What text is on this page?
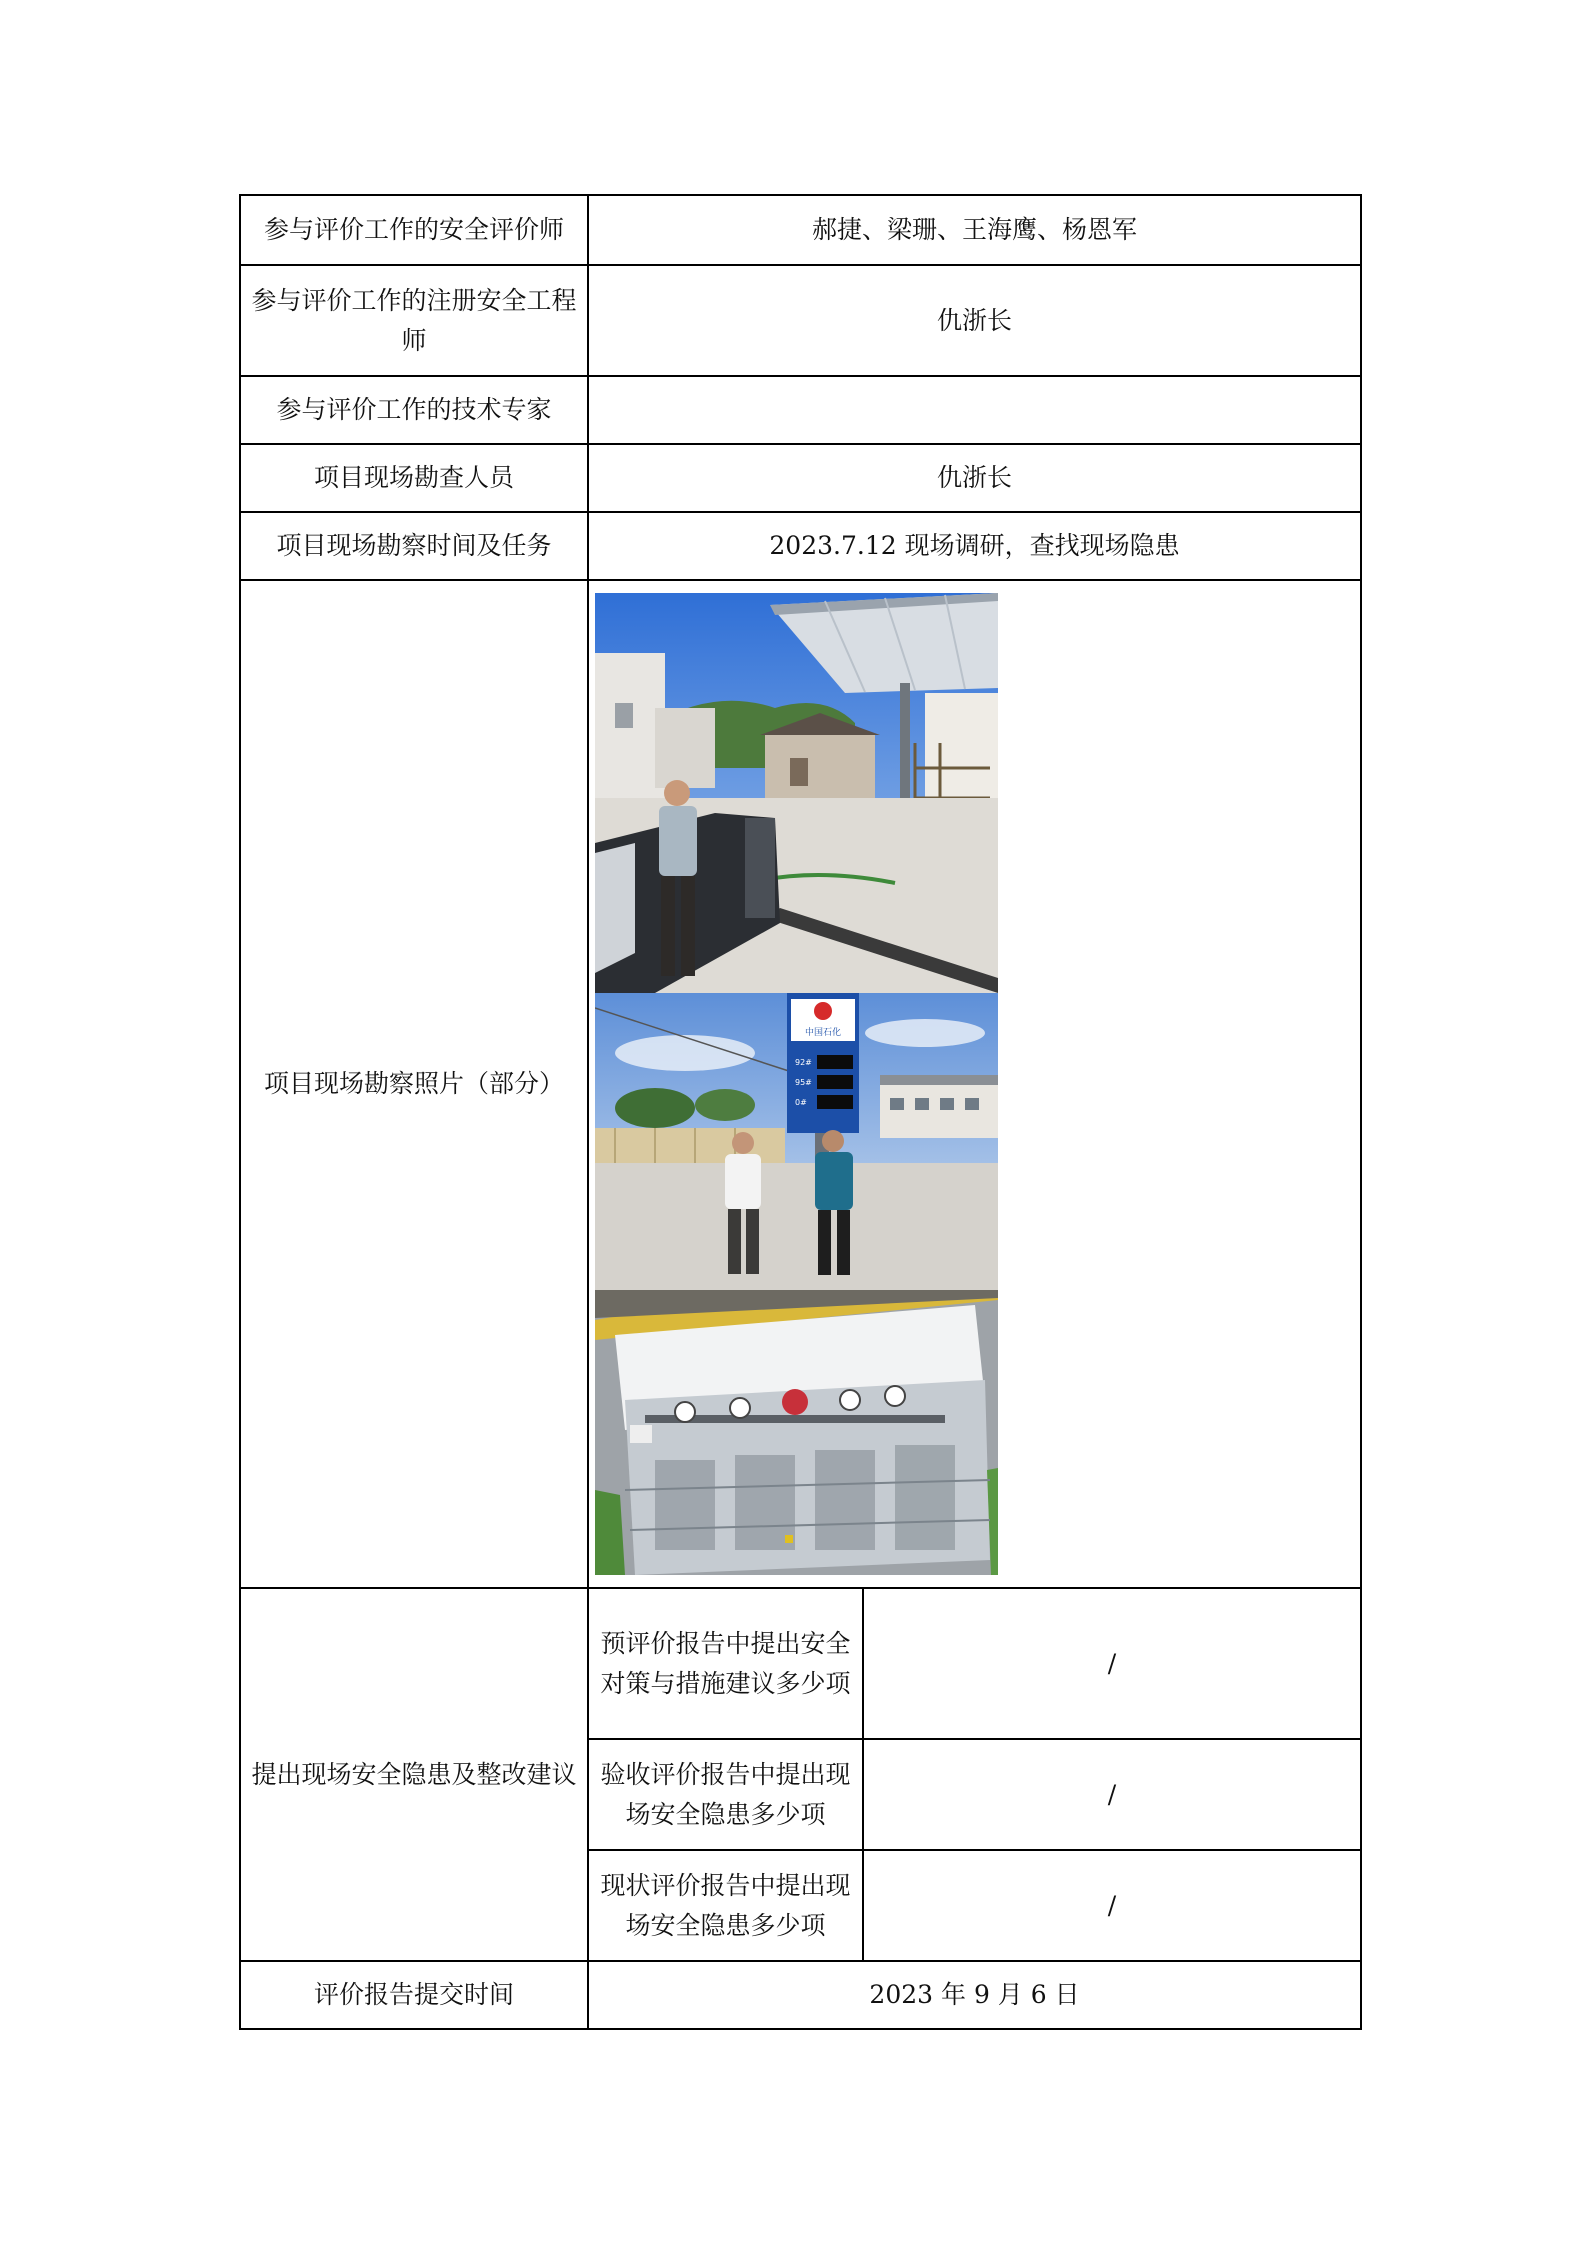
参与评价工作的安全评价师	郝捷、梁珊、王海鹰、杨恩军	
参与评价工作的注册安全工程师	仇浙长	
参与评价工作的技术专家		
项目现场勘查人员	仇浙长	
项目现场勘察时间及任务	2023.7.12 现场调研，查找现场隐患	
项目现场勘察照片（部分）	中国石化
92#
95#
0#	

提出现场安全隐患及整改建议	预评价报告中提出安全对策与措施建议多少项	/
	验收评价报告中提出现场安全隐患多少项	/
	现状评价报告中提出现场安全隐患多少项	/
评价报告提交时间	2023 年 9 月 6 日	
